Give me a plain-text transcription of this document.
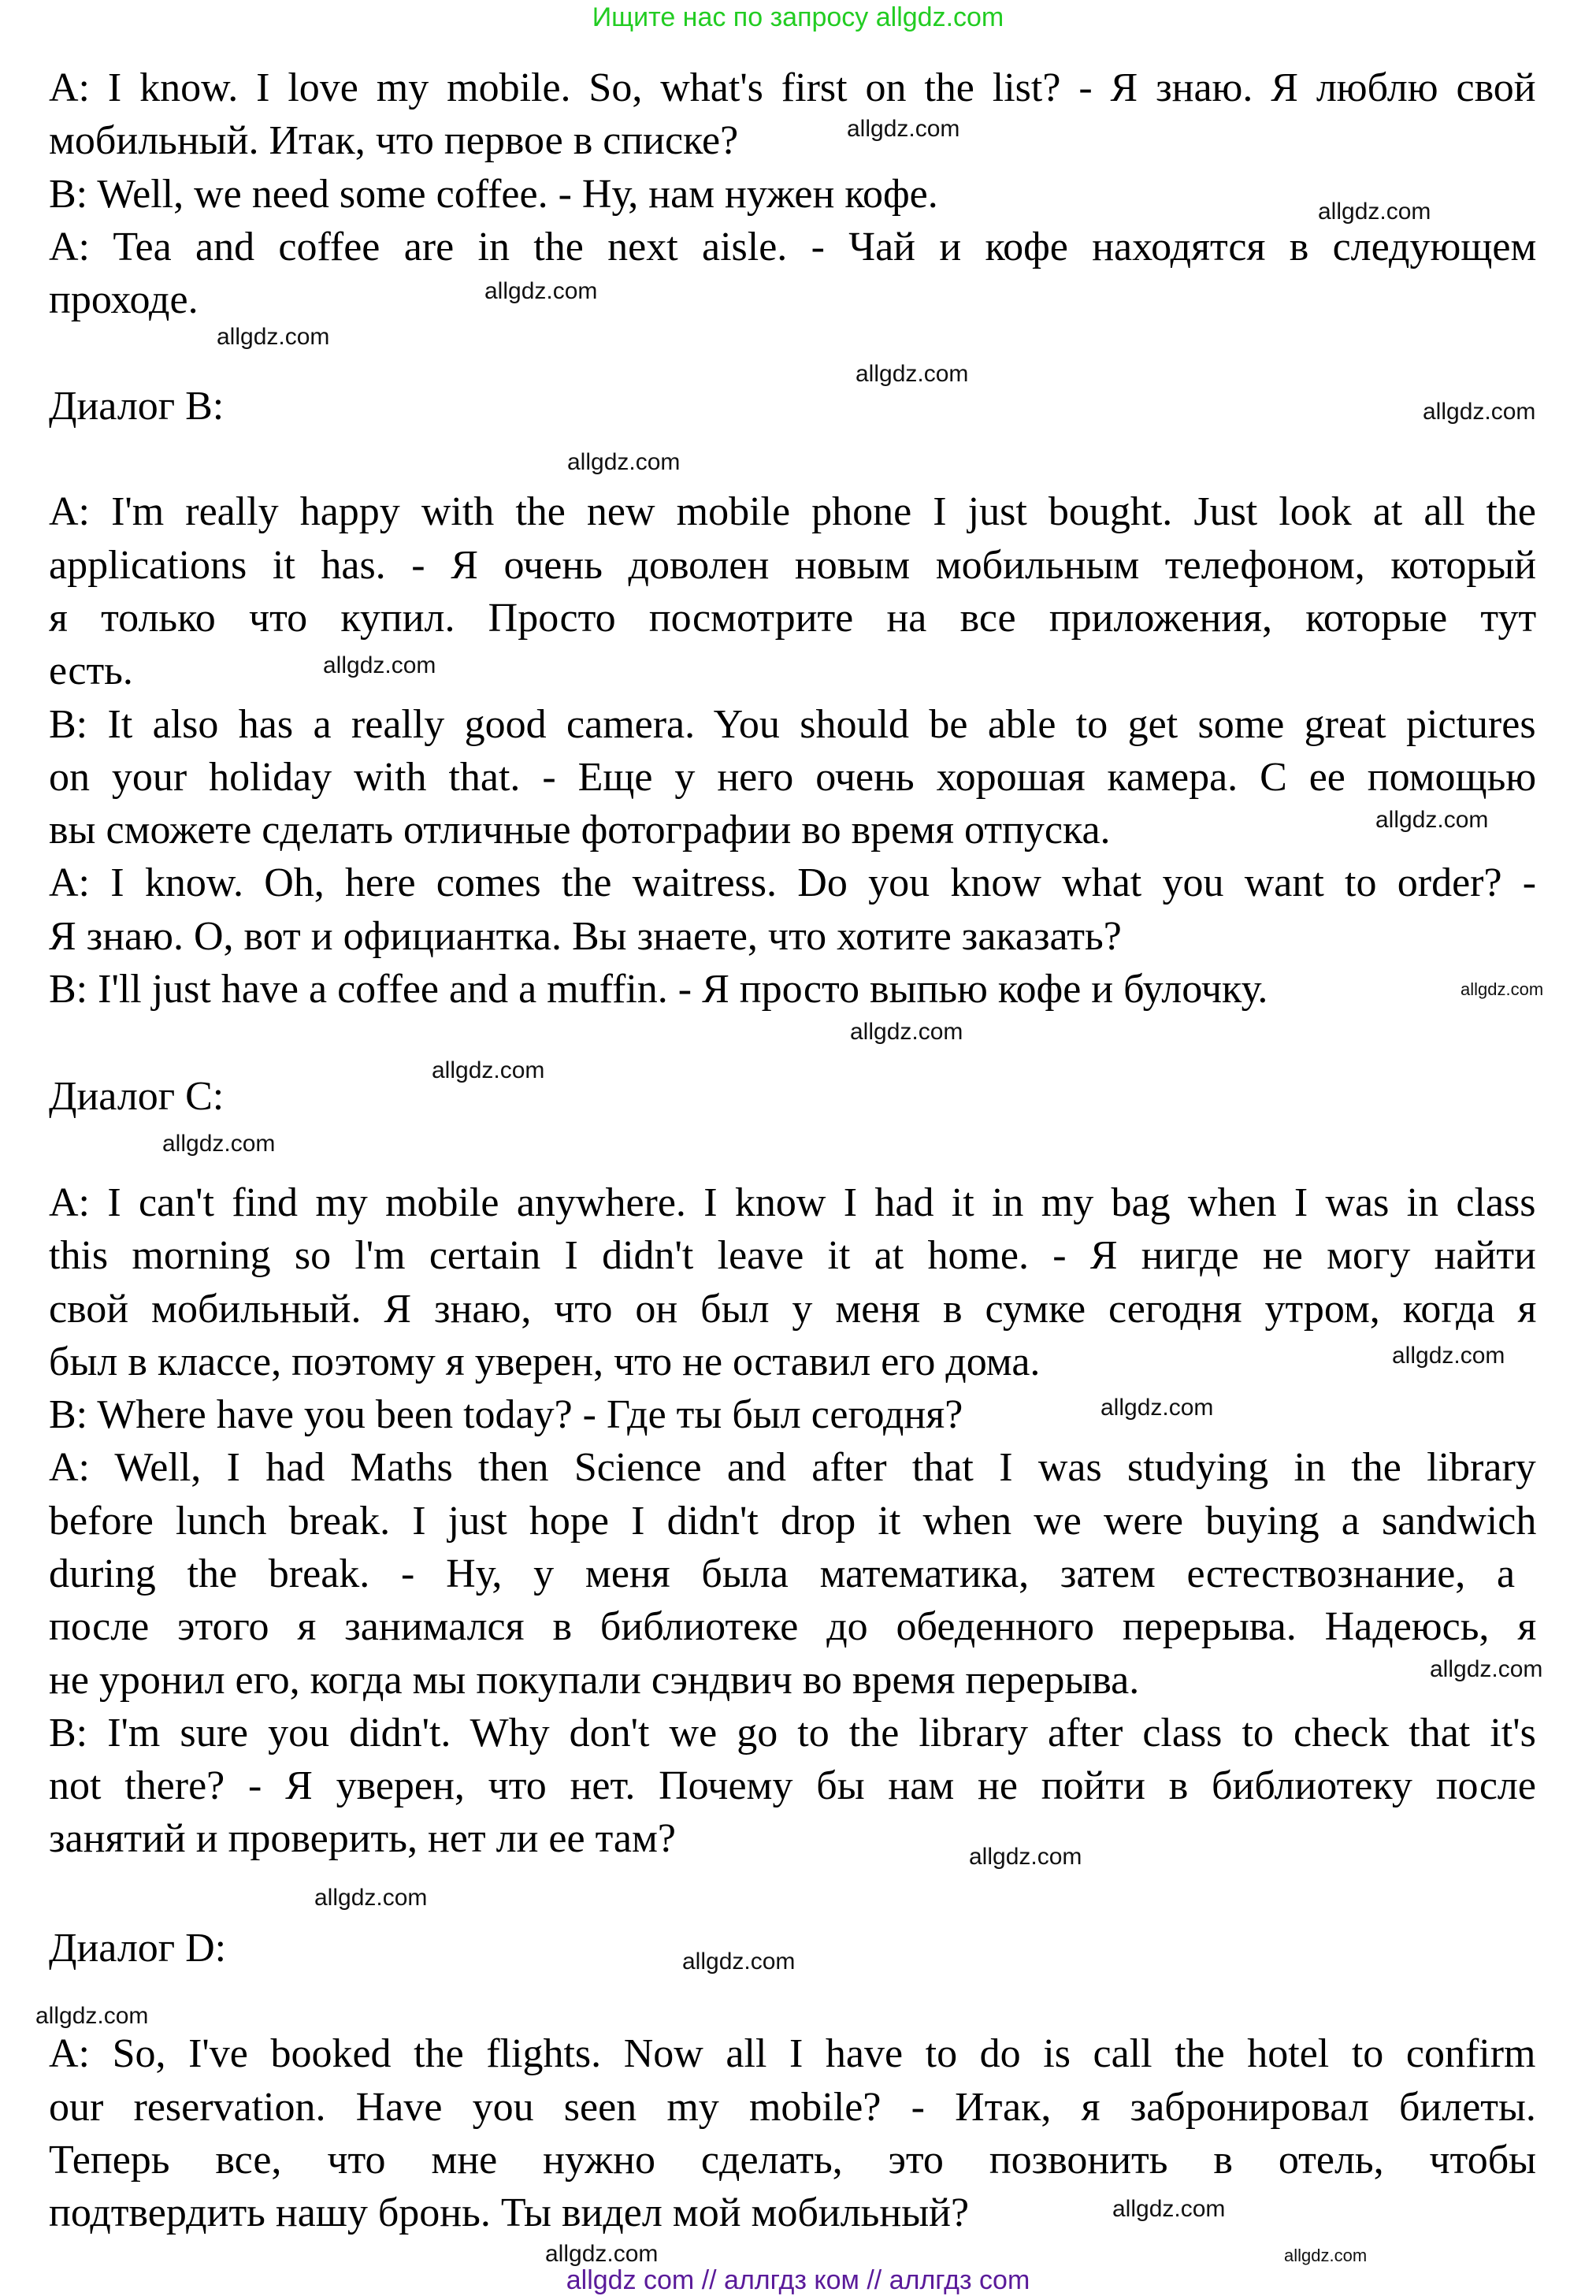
Ищите нас по запросу allgdz.com
A: I know. I love my mobile. So, what's first on the list? - Я знаю. Я люблю свой
мобильный. Итак, что первое в списке?
B: Well, we need some coffee. - Ну, нам нужен кофе.
A: Tea and coffee are in the next aisle. - Чай и кофе находятся в следующем
проходе.
Диалог B:
A: I'm really happy with the new mobile phone I just bought. Just look at all the
applications it has. - Я очень доволен новым мобильным телефоном, который
я только что купил. Просто посмотрите на все приложения, которые тут
есть.
B: It also has a really good camera. You should be able to get some great pictures
on your holiday with that. - Еще у него очень хорошая камера. С ее помощью
вы сможете сделать отличные фотографии во время отпуска.
A: I know. Oh, here comes the waitress. Do you know what you want to order? -
Я знаю. О, вот и официантка. Вы знаете, что хотите заказать?
B: I'll just have a coffee and a muffin. - Я просто выпью кофе и булочку.
Диалог C:
A: I can't find my mobile anywhere. I know I had it in my bag when I was in class
this morning so l'm certain I didn't leave it at home. - Я нигде не могу найти
свой мобильный. Я знаю, что он был у меня в сумке сегодня утром, когда я
был в классе, поэтому я уверен, что не оставил его дома.
B: Where have you been today? - Где ты был сегодня?
A: Well, I had Maths then Science and after that I was studying in the library
before lunch break. I just hope I didn't drop it when we were buying a sandwich
during the break. - Ну, у меня была математика, затем естествознание, а
после этого я занимался в библиотеке до обеденного перерыва. Надеюсь, я
не уронил его, когда мы покупали сэндвич во время перерыва.
B: I'm sure you didn't. Why don't we go to the library after class to check that it's
not there? - Я уверен, что нет. Почему бы нам не пойти в библиотеку после
занятий и проверить, нет ли ее там?
Диалог D:
A: So, I've booked the flights. Now all I have to do is call the hotel to confirm
our reservation. Have you seen my mobile? - Итак, я забронировал билеты.
Теперь все, что мне нужно сделать, это позвонить в отель, чтобы
подтвердить нашу бронь. Ты видел мой мобильный?
allgdz.com
allgdz.com
allgdz.com
allgdz.com
allgdz.com
allgdz.com
allgdz.com
allgdz.com
allgdz.com
allgdz.com
allgdz.com
allgdz.com
allgdz.com
allgdz.com
allgdz.com
allgdz.com
allgdz.com
allgdz.com
allgdz.com
allgdz.com
allgdz.com
allgdz.com
allgdz.com
allgdz com // аллгдз ком // аллгдз com
